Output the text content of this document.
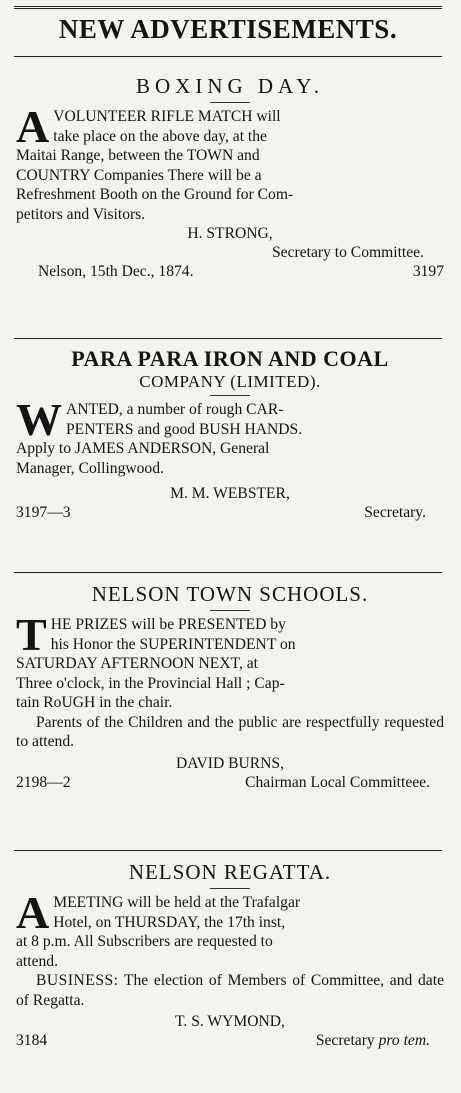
NEW ADVERTISEMENTS.
BOXING DAY.
A VOLUNTEER RIFLE MATCH will

take place on the above day, at the

Maitai Range, between the TOWN and

COUNTRY Companies There will be a

Refreshment Booth on the Ground for Com-

petitors and Visitors.

H. STRONG,
Secretary to Committee.
Nelson, 15th Dec., 1874.	3197
PARA PARA IRON AND COAL
COMPANY (LIMITED).
W ANTED, a number of rough CAR-

PENTERS and good BUSH HANDS.

Apply to JAMES ANDERSON, General

Manager, Collingwood.

M. M. WEBSTER,
3197—3	Secretary.
NELSON TOWN SCHOOLS.
T HE PRIZES will be PRESENTED by

his Honor the SUPERINTENDENT on

SATURDAY AFTERNOON NEXT, at

Three o'clock, in the Provincial Hall ; Cap-

tain RoUGH in the chair.

Parents of the Children and the public are respectfully requested to attend.

DAVID BURNS,
2198—2	Chairman Local Committeee.
NELSON REGATTA.
A MEETING will be held at the Trafalgar

Hotel, on THURSDAY, the 17th inst,

at 8 p.m. All Subscribers are requested to

attend.

BUSINESS: The election of Members of Committee, and date of Regatta.

T. S. WYMOND,
3184	Secretary pro tem.
